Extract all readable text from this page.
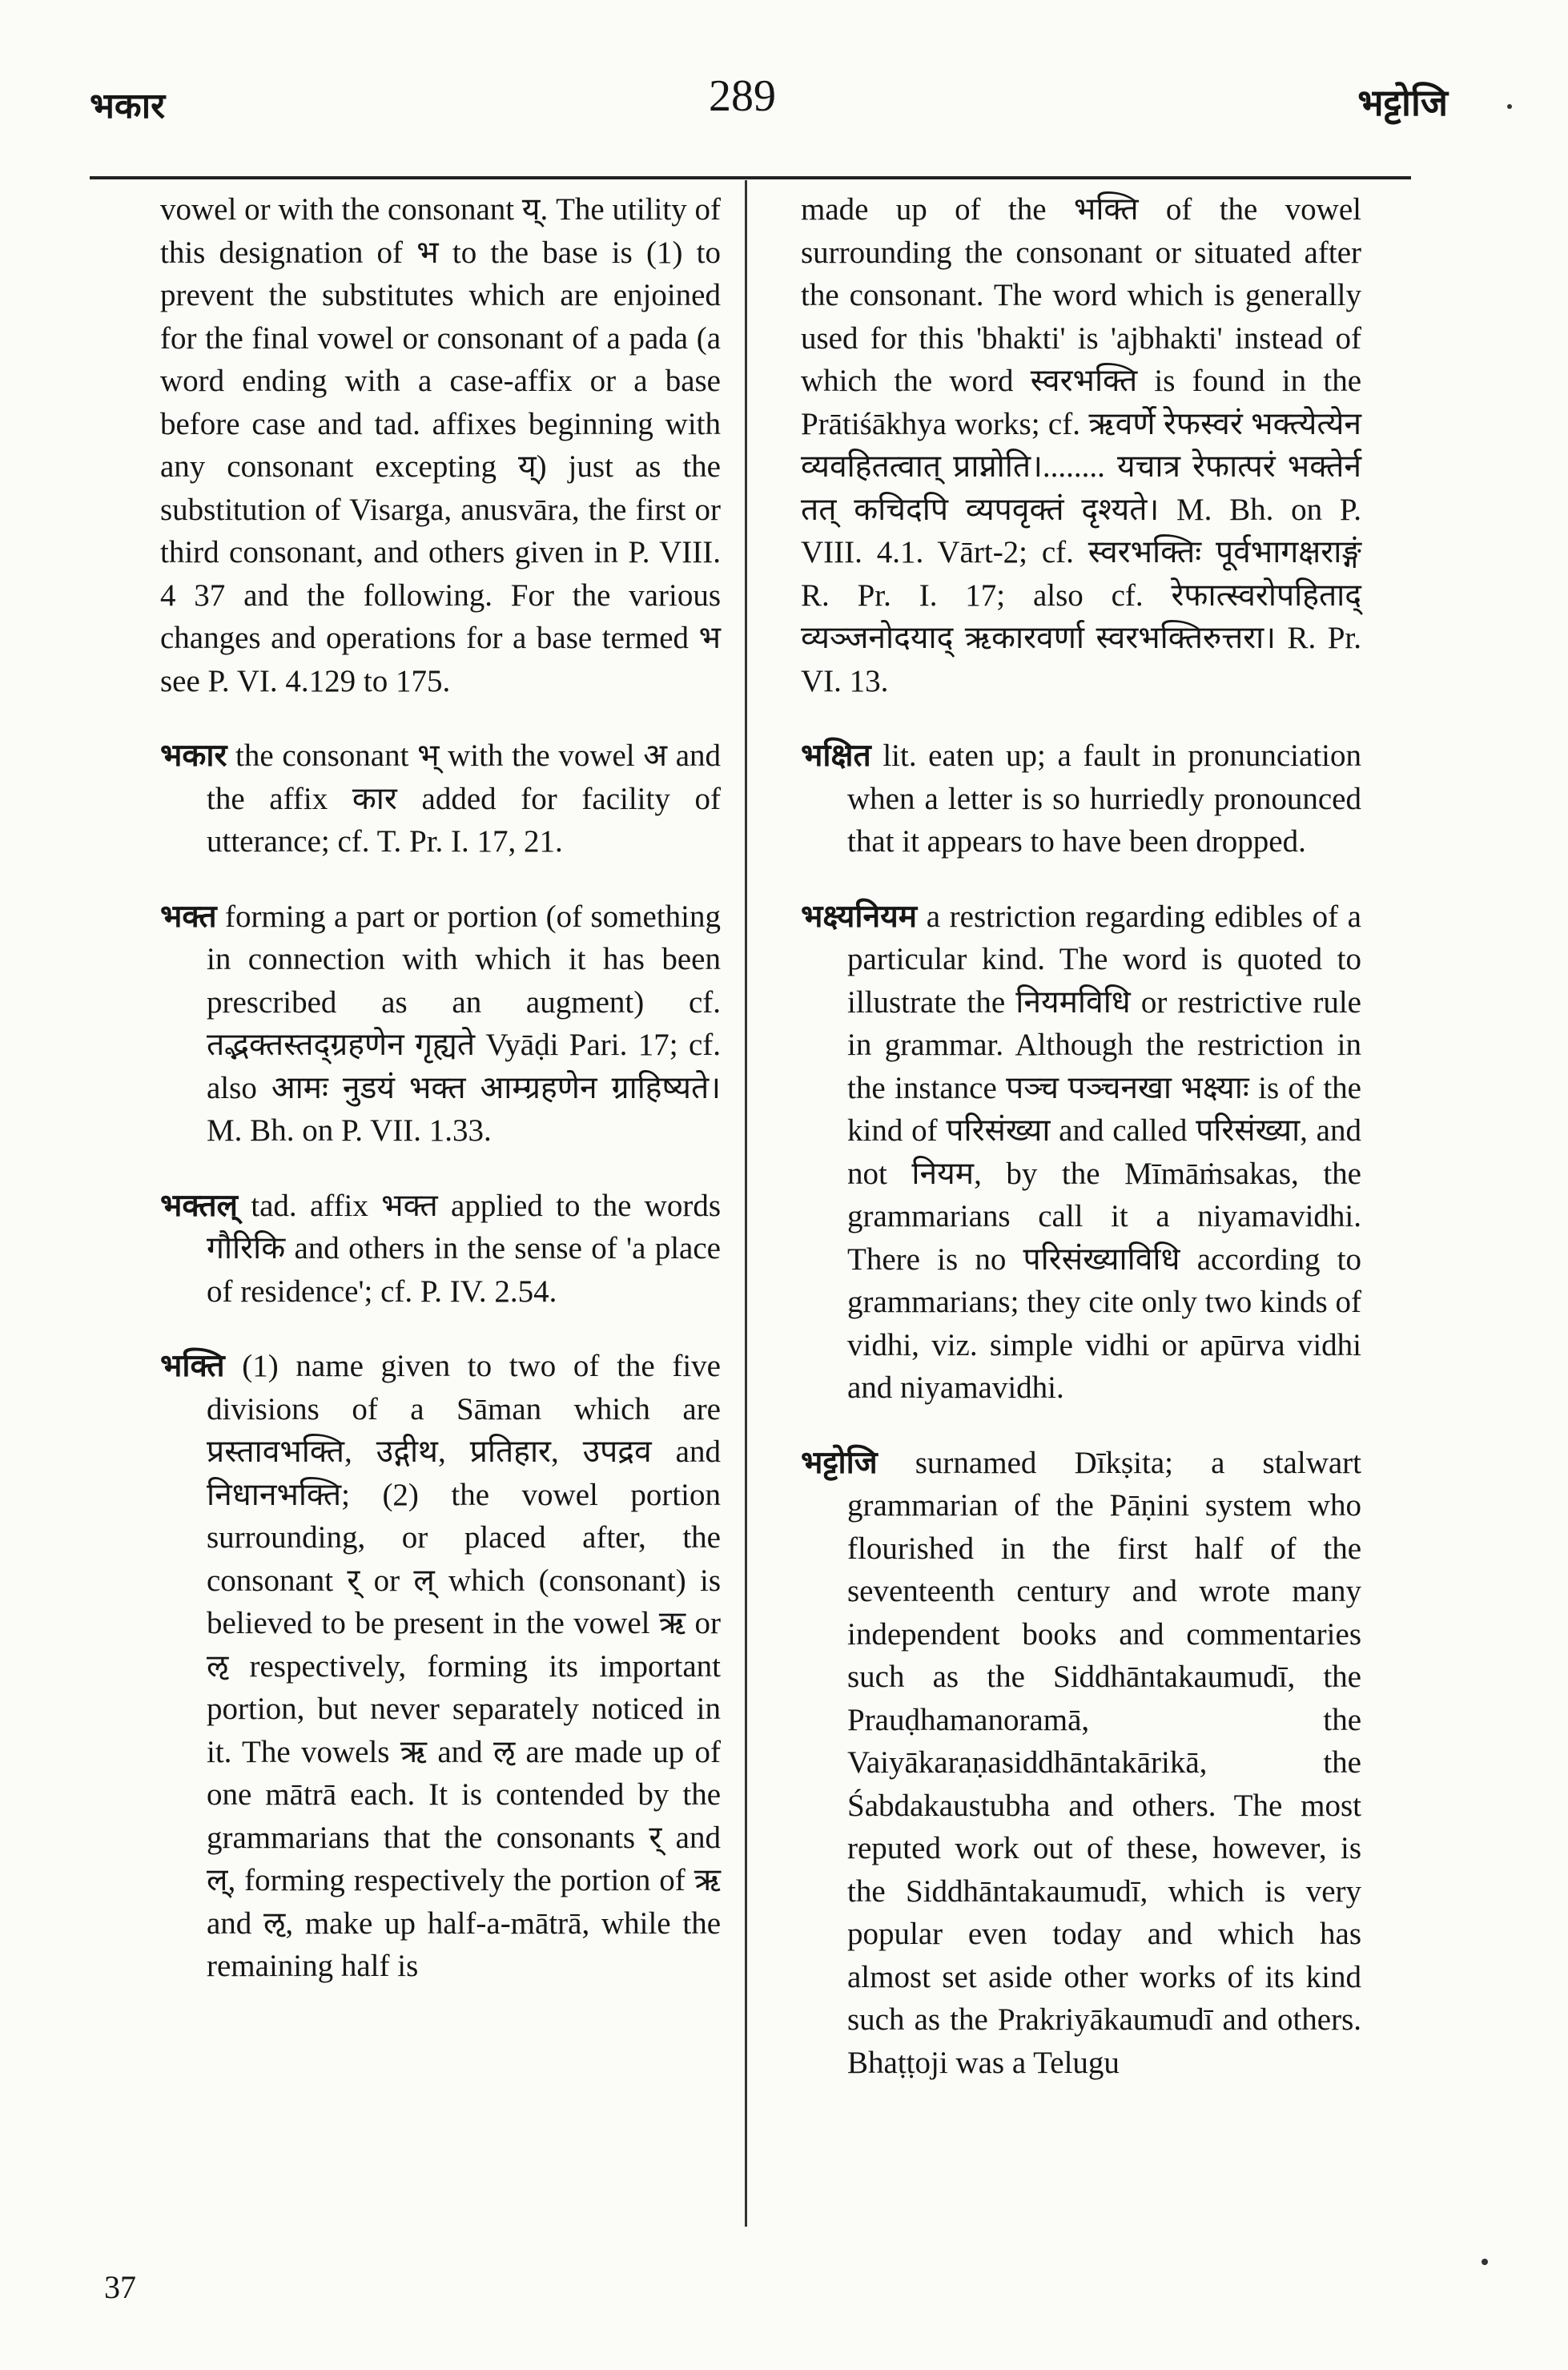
भकार	289	भट्टोजि

vowel or with the consonant य्. The utility of this designation of भ to the base is (1) to prevent the substitutes which are enjoined for the final vowel or consonant of a pada (a word ending with a case-affix or a base before case and tad. affixes beginning with any consonant excepting य्) just as the substitution of Visarga, anusvāra, the first or third consonant, and others given in P. VIII. 4 37 and the following. For the various changes and operations for a base termed भ see P. VI. 4.129 to 175.

भकार the consonant भ् with the vowel अ and the affix कार added for facility of utterance; cf. T. Pr. I. 17, 21.

भक्त forming a part or portion (of something in connection with which it has been prescribed as an augment) cf. तद्भक्तस्तद्ग्रहणेन गृह्यते Vyāḍi Pari. 17; cf. also आमः नुडयं भक्त आम्ग्रहणेन ग्राहिष्यते। M. Bh. on P. VII. 1.33.

भक्तल् tad. affix भक्त applied to the words गौरिकि and others in the sense of 'a place of residence'; cf. P. IV. 2.54.

भक्ति (1) name given to two of the five divisions of a Sāman which are प्रस्तावभक्ति, उद्गीथ, प्रतिहार, उपद्रव and निधानभक्ति; (2) the vowel portion surrounding, or placed after, the consonant र् or ल् which (consonant) is believed to be present in the vowel ऋ or ऌ respectively, forming its important portion, but never separately noticed in it. The vowels ऋ and ऌ are made up of one mātrā each. It is contended by the grammarians that the consonants र् and ल्, forming respectively the portion of ऋ and ऌ, make up half-a-mātrā, while the remaining half is

made up of the भक्ति of the vowel surrounding the consonant or situated after the consonant. The word which is generally used for this 'bhakti' is 'ajbhakti' instead of which the word स्वरभक्ति is found in the Prātiśākhya works; cf. ऋवर्णे रेफस्वरं भक्त्येत्येन व्यवहितत्वात् प्राप्नोति।........ यचात्र रेफात्परं भक्तेर्न तत् कचिदपि व्यपवृक्तं दृश्यते। M. Bh. on P. VIII. 4.1. Vārt-2; cf. स्वरभक्तिः पूर्वभागक्षराङ्गं R. Pr. I. 17; also cf. रेफात्स्वरोपहिताद् व्यञ्जनोदयाद् ऋकारवर्णा स्वरभक्तिरुत्तरा। R. Pr. VI. 13.

भक्षित lit. eaten up; a fault in pronunciation when a letter is so hurriedly pronounced that it appears to have been dropped.

भक्ष्यनियम a restriction regarding edibles of a particular kind. The word is quoted to illustrate the नियमविधि or restrictive rule in grammar. Although the restriction in the instance पञ्च पञ्चनखा भक्ष्याः is of the kind of परिसंख्या and called परिसंख्या, and not नियम, by the Mīmāṁsakas, the grammarians call it a niyamavidhi. There is no परिसंख्याविधि according to grammarians; they cite only two kinds of vidhi, viz. simple vidhi or apūrva vidhi and niyamavidhi.

भट्टोजि surnamed Dīkṣita; a stalwart grammarian of the Pāṇini system who flourished in the first half of the seventeenth century and wrote many independent books and commentaries such as the Siddhāntakaumudī, the Prauḍhamanoramā, the Vaiyākaraṇasiddhāntakārikā, the Śabdakaustubha and others. The most reputed work out of these, however, is the Siddhāntakaumudī, which is very popular even today and which has almost set aside other works of its kind such as the Prakriyākaumudī and others. Bhaṭṭoji was a Telugu

37
